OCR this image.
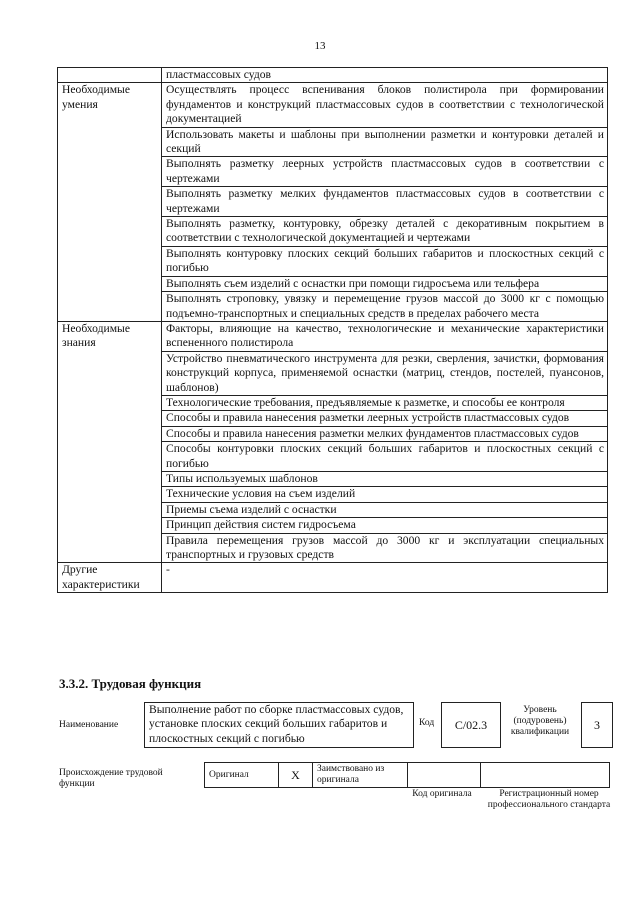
13
	пластмассовых судов
Необходимые умения	Осуществлять процесс вспенивания блоков полистирола при формировании фундаментов и конструкций пластмассовых судов в соответствии с технологической документацией
	Использовать макеты и шаблоны при выполнении разметки и контуровки деталей и секций
	Выполнять разметку леерных устройств пластмассовых судов в соответствии с чертежами
	Выполнять разметку мелких фундаментов пластмассовых судов в соответствии с чертежами
	Выполнять разметку, контуровку, обрезку деталей с декоративным покрытием в соответствии с технологической документацией и чертежами
	Выполнять контуровку плоских секций больших габаритов и плоскостных секций с погибью
	Выполнять съем изделий с оснастки при помощи гидросъема или тельфера
	Выполнять строповку, увязку и перемещение грузов массой до 3000 кг с помощью подъемно-транспортных и специальных средств в пределах рабочего места
Необходимые знания	Факторы, влияющие на качество, технологические и механические характеристики вспененного полистирола
	Устройство пневматического инструмента для резки, сверления, зачистки, формования конструкций корпуса, применяемой оснастки (матриц, стендов, постелей, пуансонов, шаблонов)
	Технологические требования, предъявляемые к разметке, и способы ее контроля
	Способы и правила нанесения разметки леерных устройств пластмассовых судов
	Способы и правила нанесения разметки мелких фундаментов пластмассовых судов
	Способы контуровки плоских секций больших габаритов и плоскостных секций с погибью
	Типы используемых шаблонов
	Технические условия на съем изделий
	Приемы съема изделий с оснастки
	Принцип действия систем гидросъема
	Правила перемещения грузов массой до 3000 кг и эксплуатации специальных транспортных и грузовых средств
Другие характеристики	-
3.3.2. Трудовая функция
Наименование
Выполнение работ по сборке пластмассовых судов, установке плоских секций больших габаритов и плоскостных секций с погибью
Код	C/02.3
Уровень (подуровень) квалификации
3
Происхождение трудовой функции
Оригинал	X	Заимствовано из оригинала		
Код оригинала	Регистрационный номер профессионального стандарта
